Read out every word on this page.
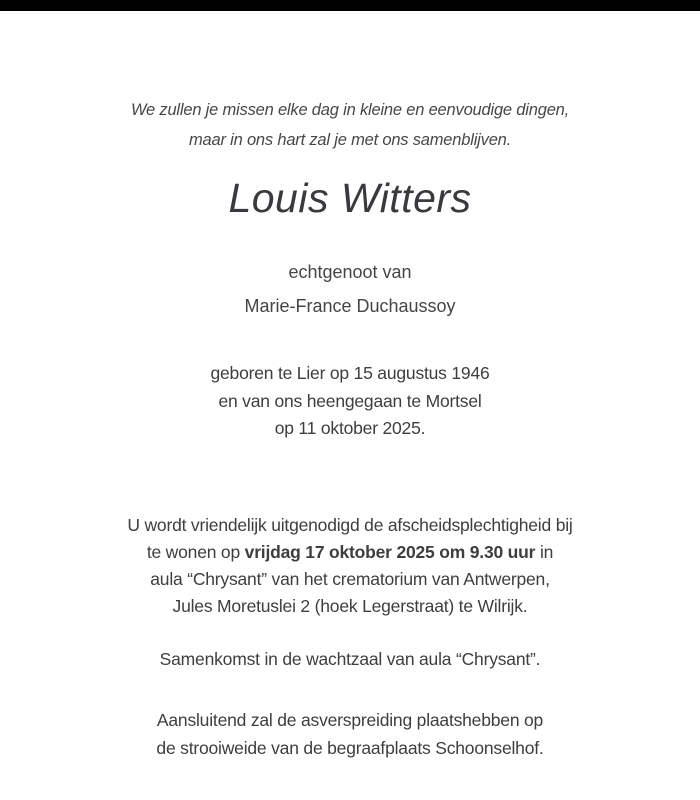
We zullen je missen elke dag in kleine en eenvoudige dingen,
maar in ons hart zal je met ons samenblijven.
Louis Witters
echtgenoot van
Marie-France Duchaussoy
geboren te Lier op 15 augustus 1946
en van ons heengegaan te Mortsel
op 11 oktober 2025.
U wordt vriendelijk uitgenodigd de afscheidsplechtigheid bij
te wonen op vrijdag 17 oktober 2025 om 9.30 uur in
aula “Chrysant” van het crematorium van Antwerpen,
Jules Moretuslei 2 (hoek Legerstraat) te Wilrijk.
Samenkomst in de wachtzaal van aula “Chrysant”.
Aansluitend zal de asverspreiding plaatshebben op
de strooiweide van de begraafplaats Schoonselhof.
